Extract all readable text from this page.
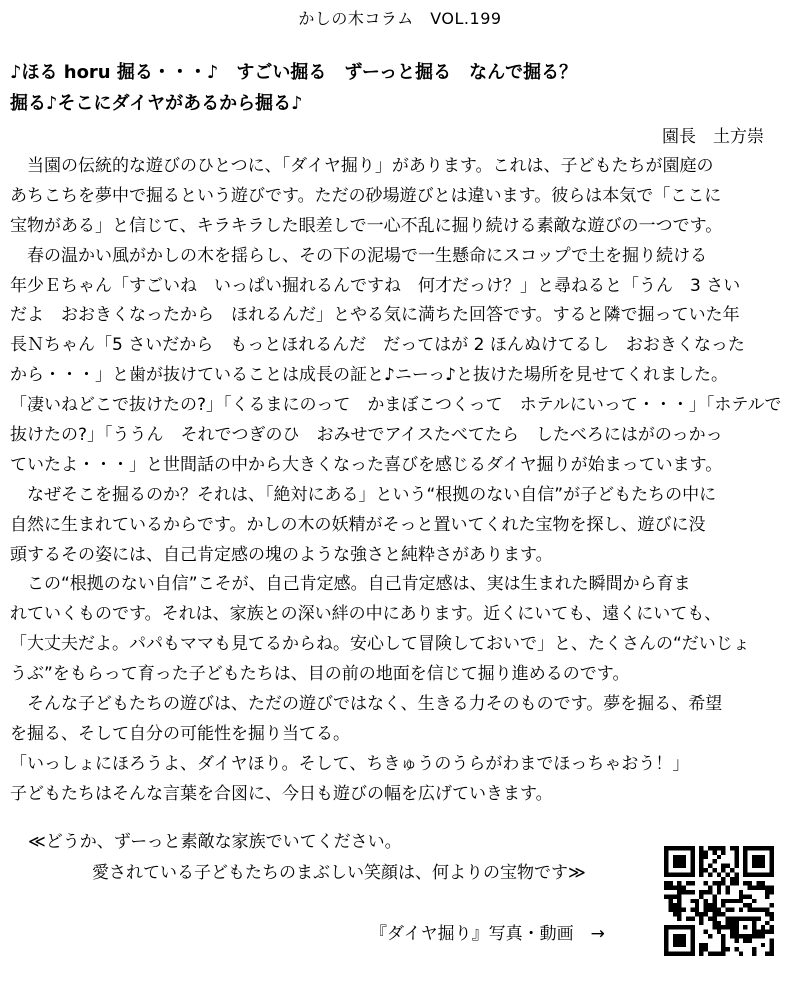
かしの木コラム　VOL.199
♪ほる horu 掘る・・・♪　すごい掘る　ずーっと掘る　なんで掘る？
掘る♪そこにダイヤがあるから掘る♪
園長　土方崇
　当園の伝統的な遊びのひとつに、「ダイヤ掘り」があります。これは、子どもたちが園庭の
あちこちを夢中で掘るという遊びです。ただの砂場遊びとは違います。彼らは本気で「ここに
宝物がある」と信じて、キラキラした眼差しで一心不乱に掘り続ける素敵な遊びの一つです。
　春の温かい風がかしの木を揺らし、その下の泥場で一生懸命にスコップで土を掘り続ける
年少Ｅちゃん「すごいね　いっぱい掘れるんですね　何才だっけ？」と尋ねると「うん　3 さい
だよ　おおきくなったから　ほれるんだ」とやる気に満ちた回答です。すると隣で掘っていた年
長Ｎちゃん「5 さいだから　もっとほれるんだ　だってはが 2 ほんぬけてるし　おおきくなった
から・・・」と歯が抜けていることは成長の証と♪ニーっ♪と抜けた場所を見せてくれました。
「凄いねどこで抜けたの?」「くるまにのって　かまぼこつくって　ホテルにいって・・・」「ホテルで
抜けたの?」「ううん　それでつぎのひ　おみせでアイスたべてたら　したべろにはがのっかっ
ていたよ・・・」と世間話の中から大きくなった喜びを感じるダイヤ掘りが始まっています。
　なぜそこを掘るのか？それは、「絶対にある」という“根拠のない自信”が子どもたちの中に
自然に生まれているからです。かしの木の妖精がそっと置いてくれた宝物を探し、遊びに没
頭するその姿には、自己肯定感の塊のような強さと純粋さがあります。
　この“根拠のない自信”こそが、自己肯定感。自己肯定感は、実は生まれた瞬間から育ま
れていくものです。それは、家族との深い絆の中にあります。近くにいても、遠くにいても、
「大丈夫だよ。パパもママも見てるからね。安心して冒険しておいで」と、たくさんの“だいじょ
うぶ”をもらって育った子どもたちは、目の前の地面を信じて掘り進めるのです。
　そんな子どもたちの遊びは、ただの遊びではなく、生きる力そのものです。夢を掘る、希望
を掘る、そして自分の可能性を掘り当てる。
「いっしょにほろうよ、ダイヤほり。そして、ちきゅうのうらがわまでほっちゃおう！」
子どもたちはそんな言葉を合図に、今日も遊びの幅を広げていきます。
≪どうか、ずーっと素敵な家族でいてください。
愛されている子どもたちのまぶしい笑顔は、何よりの宝物です≫
『ダイヤ掘り』写真・動画　→
